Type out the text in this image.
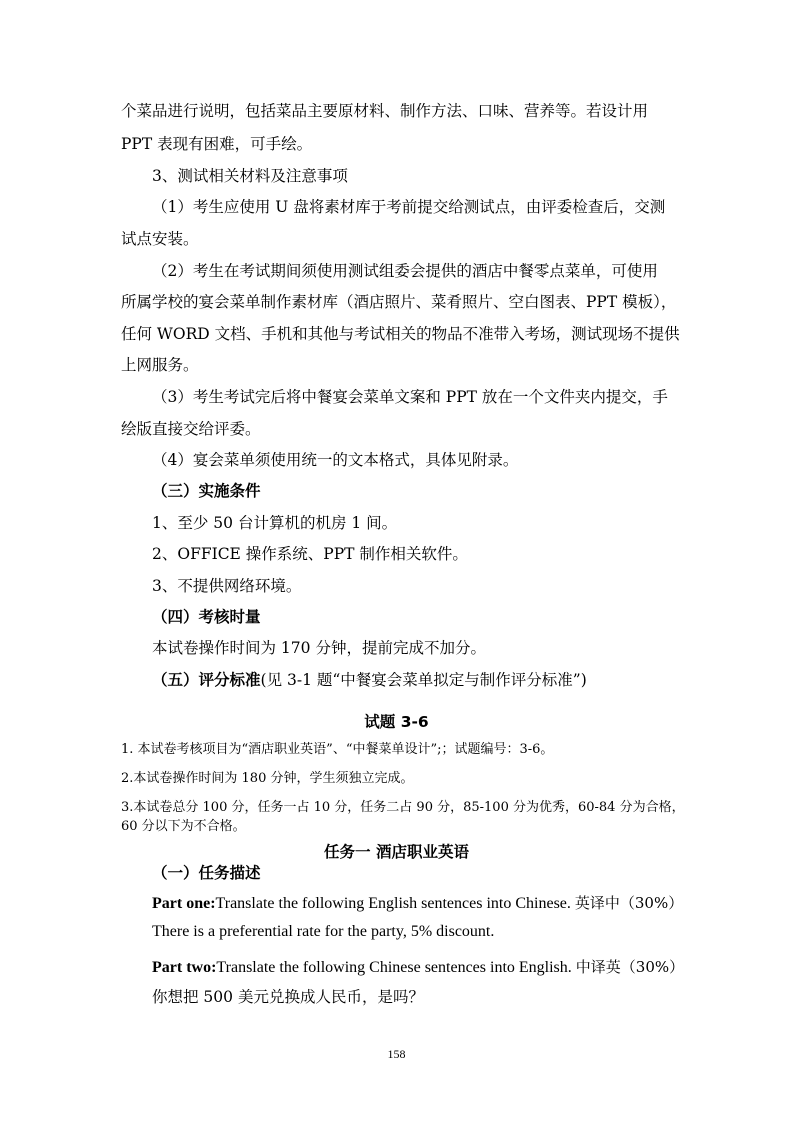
个菜品进行说明，包括菜品主要原材料、制作方法、口味、营养等。若设计用
PPT 表现有困难，可手绘。
3、测试相关材料及注意事项
（1）考生应使用 U 盘将素材库于考前提交给测试点，由评委检查后，交测
试点安装。
（2）考生在考试期间须使用测试组委会提供的酒店中餐零点菜单，可使用
所属学校的宴会菜单制作素材库（酒店照片、菜肴照片、空白图表、PPT 模板），
任何 WORD 文档、手机和其他与考试相关的物品不准带入考场，测试现场不提供
上网服务。
（3）考生考试完后将中餐宴会菜单文案和 PPT 放在一个文件夹内提交，手
绘版直接交给评委。
（4）宴会菜单须使用统一的文本格式，具体见附录。
（三）实施条件
1、至少 50 台计算机的机房 1 间。
2、OFFICE 操作系统、PPT 制作相关软件。
3、不提供网络环境。
（四）考核时量
本试卷操作时间为 170 分钟，提前完成不加分。
（五）评分标准(见 3-1 题“中餐宴会菜单拟定与制作评分标准”)
试题 3-6
1. 本试卷考核项目为“酒店职业英语”、“中餐菜单设计”;；试题编号：3-6。
2.本试卷操作时间为 180 分钟，学生须独立完成。
3.本试卷总分 100 分，任务一占 10 分，任务二占 90 分，85-100 分为优秀，60-84 分为合格，
60 分以下为不合格。
任务一 酒店职业英语
（一）任务描述
Part one:Translate the following English sentences into Chinese. 英译中（30%）
There is a preferential rate for the party, 5% discount.
Part two:Translate the following Chinese sentences into English. 中译英（30%）
你想把 500 美元兑换成人民币，是吗？
158
